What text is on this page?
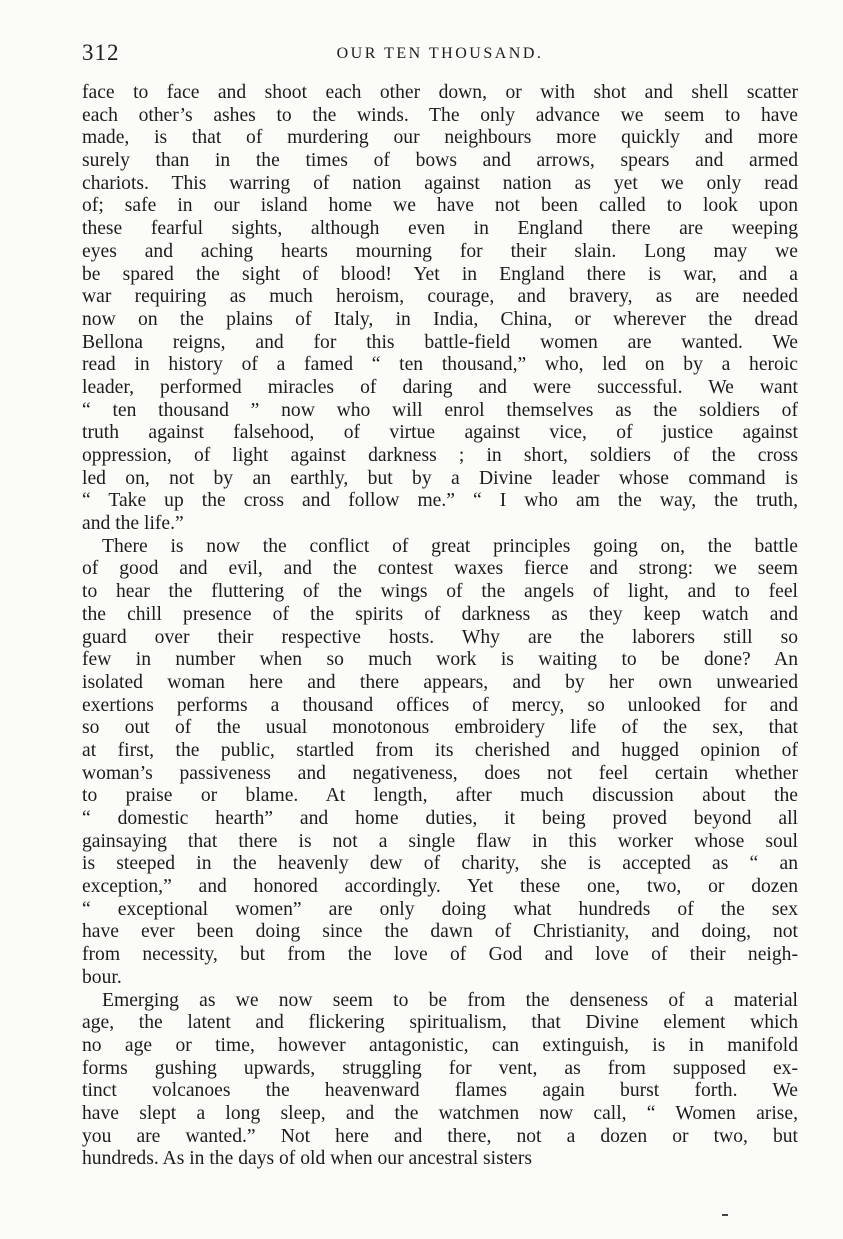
312	OUR TEN THOUSAND.
face to face and shoot each other down, or with shot and shell scatter
each other’s ashes to the winds. The only advance we seem to have
made, is that of murdering our neighbours more quickly and more
surely than in the times of bows and arrows, spears and armed
chariots. This warring of nation against nation as yet we only read
of; safe in our island home we have not been called to look upon
these fearful sights, although even in England there are weeping
eyes and aching hearts mourning for their slain. Long may we
be spared the sight of blood! Yet in England there is war, and a
war requiring as much heroism, courage, and bravery, as are needed
now on the plains of Italy, in India, China, or wherever the dread
Bellona reigns, and for this battle-field women are wanted. We
read in history of a famed “ ten thousand,” who, led on by a heroic
leader, performed miracles of daring and were successful. We want
“ ten thousand ” now who will enrol themselves as the soldiers of
truth against falsehood, of virtue against vice, of justice against
oppression, of light against darkness ; in short, soldiers of the cross
led on, not by an earthly, but by a Divine leader whose command is
“ Take up the cross and follow me.” “ I who am the way, the truth,
and the life.”
There is now the conflict of great principles going on, the battle
of good and evil, and the contest waxes fierce and strong: we seem
to hear the fluttering of the wings of the angels of light, and to feel
the chill presence of the spirits of darkness as they keep watch and
guard over their respective hosts. Why are the laborers still so
few in number when so much work is waiting to be done? An
isolated woman here and there appears, and by her own unwearied
exertions performs a thousand offices of mercy, so unlooked for and
so out of the usual monotonous embroidery life of the sex, that
at first, the public, startled from its cherished and hugged opinion of
woman’s passiveness and negativeness, does not feel certain whether
to praise or blame. At length, after much discussion about the
“ domestic hearth” and home duties, it being proved beyond all
gainsaying that there is not a single flaw in this worker whose soul
is steeped in the heavenly dew of charity, she is accepted as “ an
exception,” and honored accordingly. Yet these one, two, or dozen
“ exceptional women” are only doing what hundreds of the sex
have ever been doing since the dawn of Christianity, and doing, not
from necessity, but from the love of God and love of their neigh-
bour.
Emerging as we now seem to be from the denseness of a material
age, the latent and flickering spiritualism, that Divine element which
no age or time, however antagonistic, can extinguish, is in manifold
forms gushing upwards, struggling for vent, as from supposed ex-
tinct volcanoes the heavenward flames again burst forth. We
have slept a long sleep, and the watchmen now call, “ Women arise,
you are wanted.” Not here and there, not a dozen or two, but
hundreds. As in the days of old when our ancestral sisters
